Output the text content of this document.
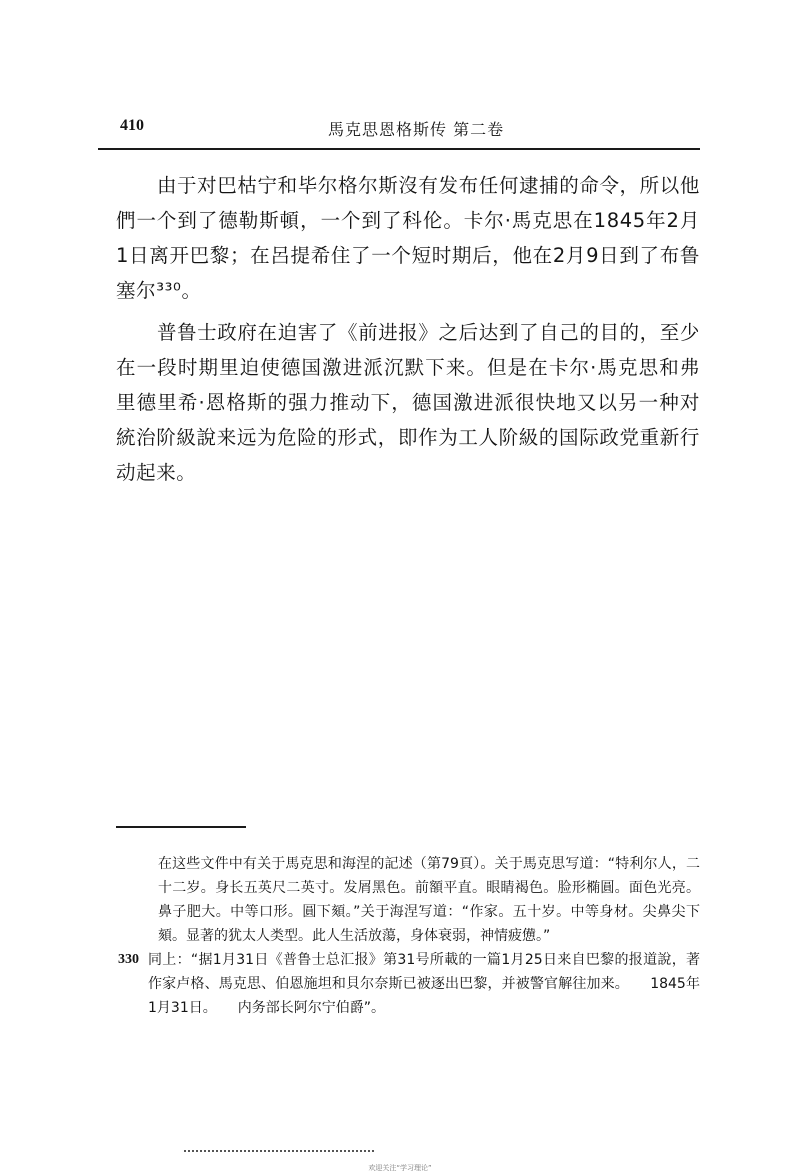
410	馬克思恩格斯传 第二卷

由于对巴枯宁和毕尔格尔斯沒有发布任何逮捕的命令，所以他們一个到了德勒斯頓，一个到了科伦。卡尔·馬克思在1845年2月1日离开巴黎；在呂提希住了一个短时期后，他在2月9日到了布鲁塞尔³³⁰。

普鲁士政府在迫害了《前进报》之后达到了自己的目的，至少在一段时期里迫使德国激进派沉默下来。但是在卡尔·馬克思和弗里德里希·恩格斯的强力推动下，德国激进派很快地又以另一种对統治阶級說来远为危险的形式，即作为工人阶級的国际政党重新行动起来。

在这些文件中有关于馬克思和海涅的記述（第79頁）。关于馬克思写道：“特利尔人，二十二岁。身长五英尺二英寸。发屑黑色。前額平直。眼睛褐色。脸形椭圓。面色光亮。鼻子肥大。中等口形。圓下頦。”关于海涅写道：“作家。五十岁。中等身材。尖鼻尖下頦。显著的犹太人类型。此人生活放蕩，身体衰弱，神情疲憊。”
330 同上：“据1月31日《普鲁士总汇报》第31号所載的一篇1月25日来自巴黎的报道說，著作家卢格、馬克思、伯恩施坦和貝尔奈斯已被逐出巴黎，并被警官解往加来。　　1845年1月31日。　　内务部长阿尔宁伯爵”。
欢迎关注“学习理论”
